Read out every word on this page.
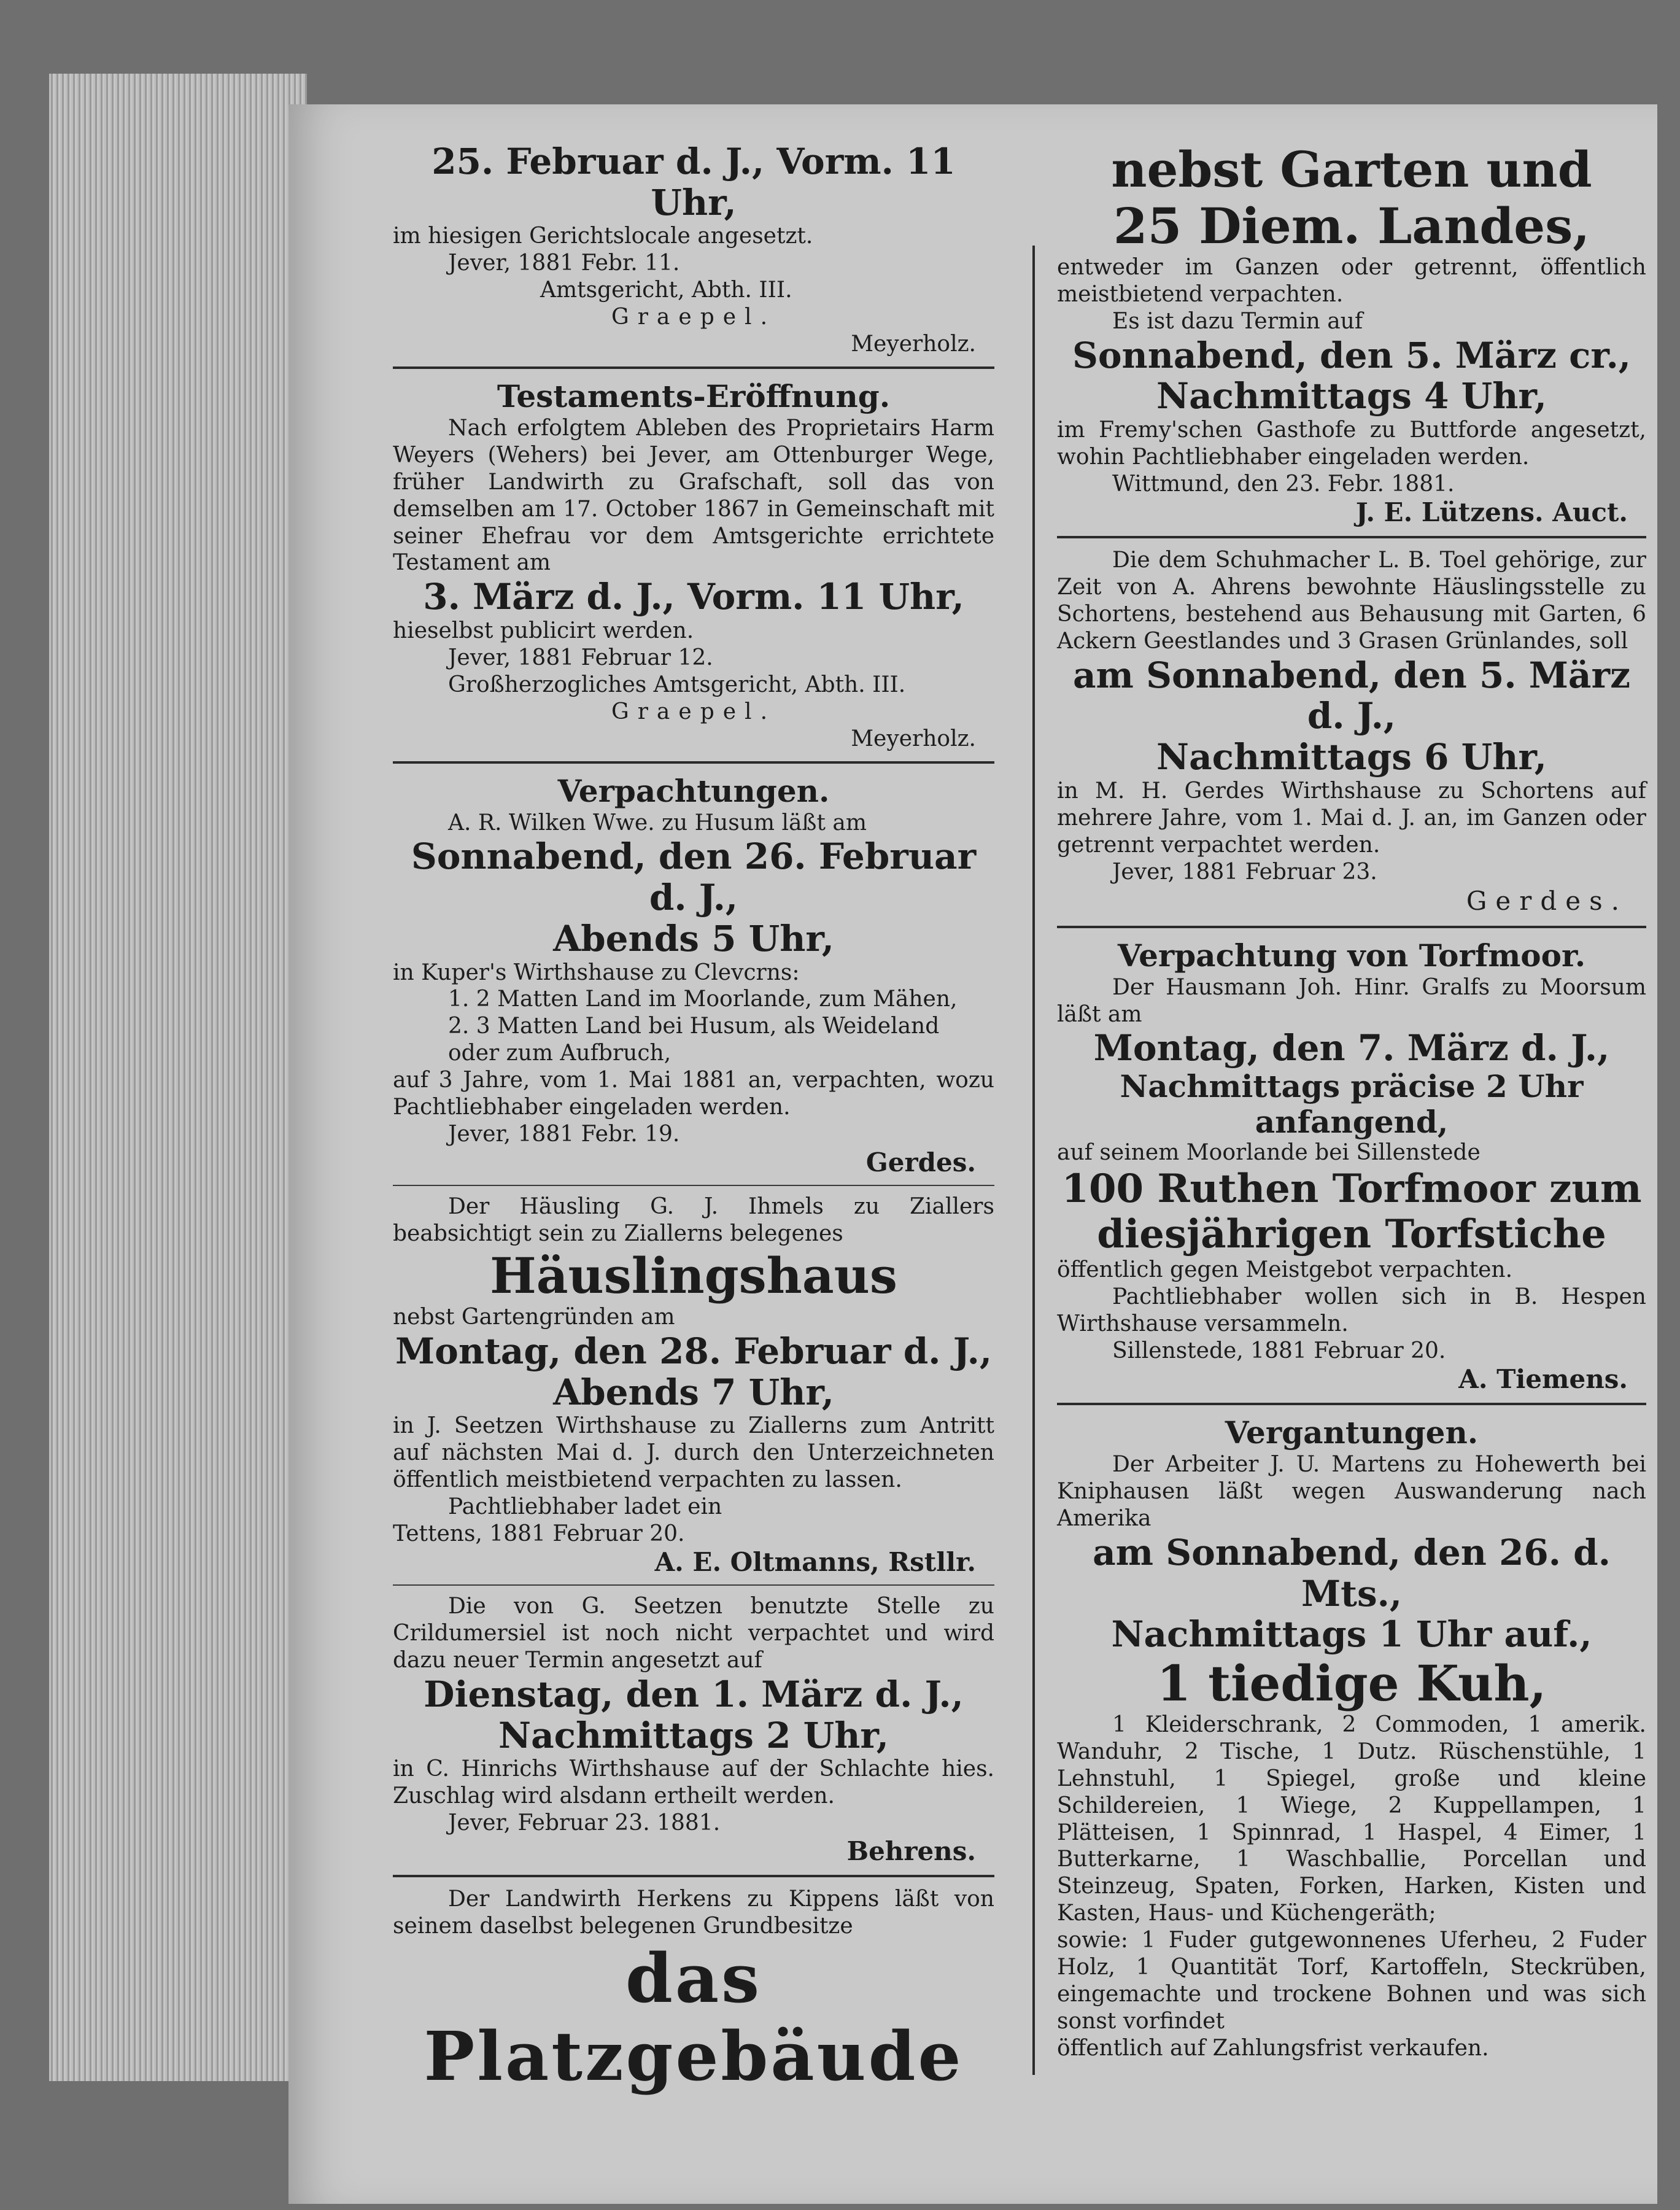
25. Februar d. J., Vorm. 11 Uhr,
im hiesigen Gerichtslocale angesetzt.
Jever, 1881 Febr. 11.
Amtsgericht, Abth. III.
Graepel.
Meyerholz.
Testaments-Eröffnung.
Nach erfolgtem Ableben des Proprietairs Harm Weyers (Wehers) bei Jever, am Ottenburger Wege, früher Landwirth zu Grafschaft, soll das von demselben am 17. October 1867 in Gemeinschaft mit seiner Ehefrau vor dem Amtsgerichte errichtete Testament am
3. März d. J., Vorm. 11 Uhr,
hieselbst publicirt werden.
Jever, 1881 Februar 12.
Großherzogliches Amtsgericht, Abth. III.
Graepel.
Meyerholz.
Verpachtungen.
A. R. Wilken Wwe. zu Husum läßt am
Sonnabend, den 26. Februar d. J.,
Abends 5 Uhr,
in Kuper's Wirthshause zu Clevcrns:
1. 2 Matten Land im Moorlande, zum Mähen,
2. 3 Matten Land bei Husum, als Weideland oder zum Aufbruch,
auf 3 Jahre, vom 1. Mai 1881 an, verpachten, wozu Pachtliebhaber eingeladen werden.
Jever, 1881 Febr. 19.
Gerdes.
Der Häusling G. J. Ihmels zu Ziallers beabsichtigt sein zu Ziallerns belegenes
Häuslingshaus
nebst Gartengründen am
Montag, den 28. Februar d. J.,
Abends 7 Uhr,
in J. Seetzen Wirthshause zu Ziallerns zum Antritt auf nächsten Mai d. J. durch den Unterzeichneten öffentlich meistbietend verpachten zu lassen.
Pachtliebhaber ladet ein
Tettens, 1881 Februar 20.
A. E. Oltmanns, Rstllr.
Die von G. Seetzen benutzte Stelle zu Crildumersiel ist noch nicht verpachtet und wird dazu neuer Termin angesetzt auf
Dienstag, den 1. März d. J.,
Nachmittags 2 Uhr,
in C. Hinrichs Wirthshause auf der Schlachte hies. Zuschlag wird alsdann ertheilt werden.
Jever, Februar 23. 1881.
Behrens.
Der Landwirth Herkens zu Kippens läßt von seinem daselbst belegenen Grundbesitze
das Platzgebäude
nebst Garten und
25 Diem. Landes,
entweder im Ganzen oder getrennt, öffentlich meistbietend verpachten.
Es ist dazu Termin auf
Sonnabend, den 5. März cr.,
Nachmittags 4 Uhr,
im Fremy'schen Gasthofe zu Buttforde angesetzt, wohin Pachtliebhaber eingeladen werden.
Wittmund, den 23. Febr. 1881.
J. E. Lützens. Auct.
Die dem Schuhmacher L. B. Toel gehörige, zur Zeit von A. Ahrens bewohnte Häuslingsstelle zu Schortens, bestehend aus Behausung mit Garten, 6 Ackern Geestlandes und 3 Grasen Grünlandes, soll
am Sonnabend, den 5. März d. J.,
Nachmittags 6 Uhr,
in M. H. Gerdes Wirthshause zu Schortens auf mehrere Jahre, vom 1. Mai d. J. an, im Ganzen oder getrennt verpachtet werden.
Jever, 1881 Februar 23.
Gerdes.
Verpachtung von Torfmoor.
Der Hausmann Joh. Hinr. Gralfs zu Moorsum läßt am
Montag, den 7. März d. J.,
Nachmittags präcise 2 Uhr anfangend,
auf seinem Moorlande bei Sillenstede
100 Ruthen Torfmoor zum
diesjährigen Torfstiche
öffentlich gegen Meistgebot verpachten.
Pachtliebhaber wollen sich in B. Hespen Wirthshause versammeln.
Sillenstede, 1881 Februar 20.
A. Tiemens.
Vergantungen.
Der Arbeiter J. U. Martens zu Hohewerth bei Kniphausen läßt wegen Auswanderung nach Amerika
am Sonnabend, den 26. d. Mts.,
Nachmittags 1 Uhr auf.,
1 tiedige Kuh,
1 Kleiderschrank, 2 Commoden, 1 amerik. Wanduhr, 2 Tische, 1 Dutz. Rüschenstühle, 1 Lehnstuhl, 1 Spiegel, große und kleine Schildereien, 1 Wiege, 2 Kuppellampen, 1 Plätteisen, 1 Spinnrad, 1 Haspel, 4 Eimer, 1 Butterkarne, 1 Waschballie, Porcellan und Steinzeug, Spaten, Forken, Harken, Kisten und Kasten, Haus- und Küchengeräth;
sowie: 1 Fuder gutgewonnenes Uferheu, 2 Fuder Holz, 1 Quantität Torf, Kartoffeln, Steckrüben, eingemachte und trockene Bohnen und was sich sonst vorfindet
öffentlich auf Zahlungsfrist verkaufen.
